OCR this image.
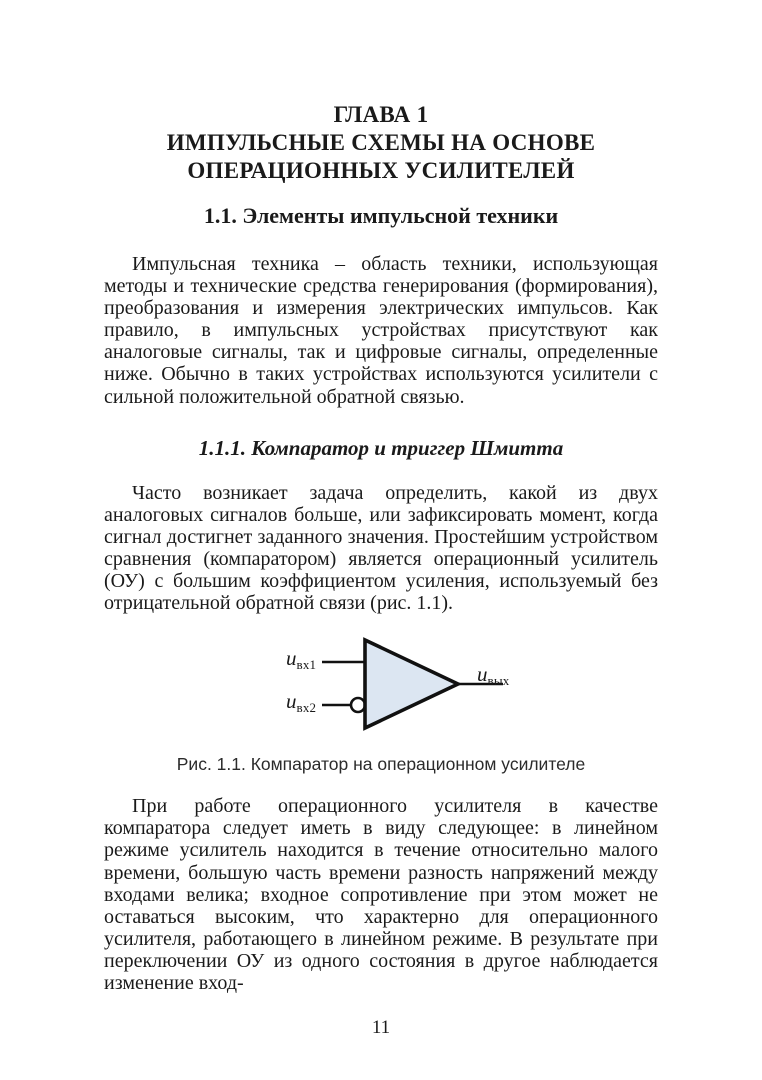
ГЛАВА 1
ИМПУЛЬСНЫЕ СХЕМЫ НА ОСНОВЕ
ОПЕРАЦИОННЫХ УСИЛИТЕЛЕЙ
1.1. Элементы импульсной техники

Импульсная техника – область техники, использующая методы и технические средства генерирования (формирования), преобразования и измерения электрических импульсов. Как правило, в импульсных устройствах присутствуют как аналоговые сигналы, так и цифровые сигналы, определенные ниже. Обычно в таких устройствах используются усилители с сильной положительной обратной связью.

1.1.1. Компаратор и триггер Шмитта

Часто возникает задача определить, какой из двух аналоговых сигналов больше, или зафиксировать момент, когда сигнал достигнет заданного значения. Простейшим устройством сравнения (компаратором) является операционный усилитель (ОУ) с большим коэффициентом усиления, используемый без отрицательной обратной связи (рис. 1.1).

$u_{вх1}$
$u_{вх2}$
$u_{вых}$
Рис. 1.1. Компаратор на операционном усилителе

При работе операционного усилителя в качестве компаратора следует иметь в виду следующее: в линейном режиме усилитель находится в течение относительно малого времени, большую часть времени разность напряжений между входами велика; входное сопротивление при этом может не оставаться высоким, что характерно для операционного усилителя, работающего в линейном режиме. В результате при переключении ОУ из одного состояния в другое наблюдается изменение вход-

11
